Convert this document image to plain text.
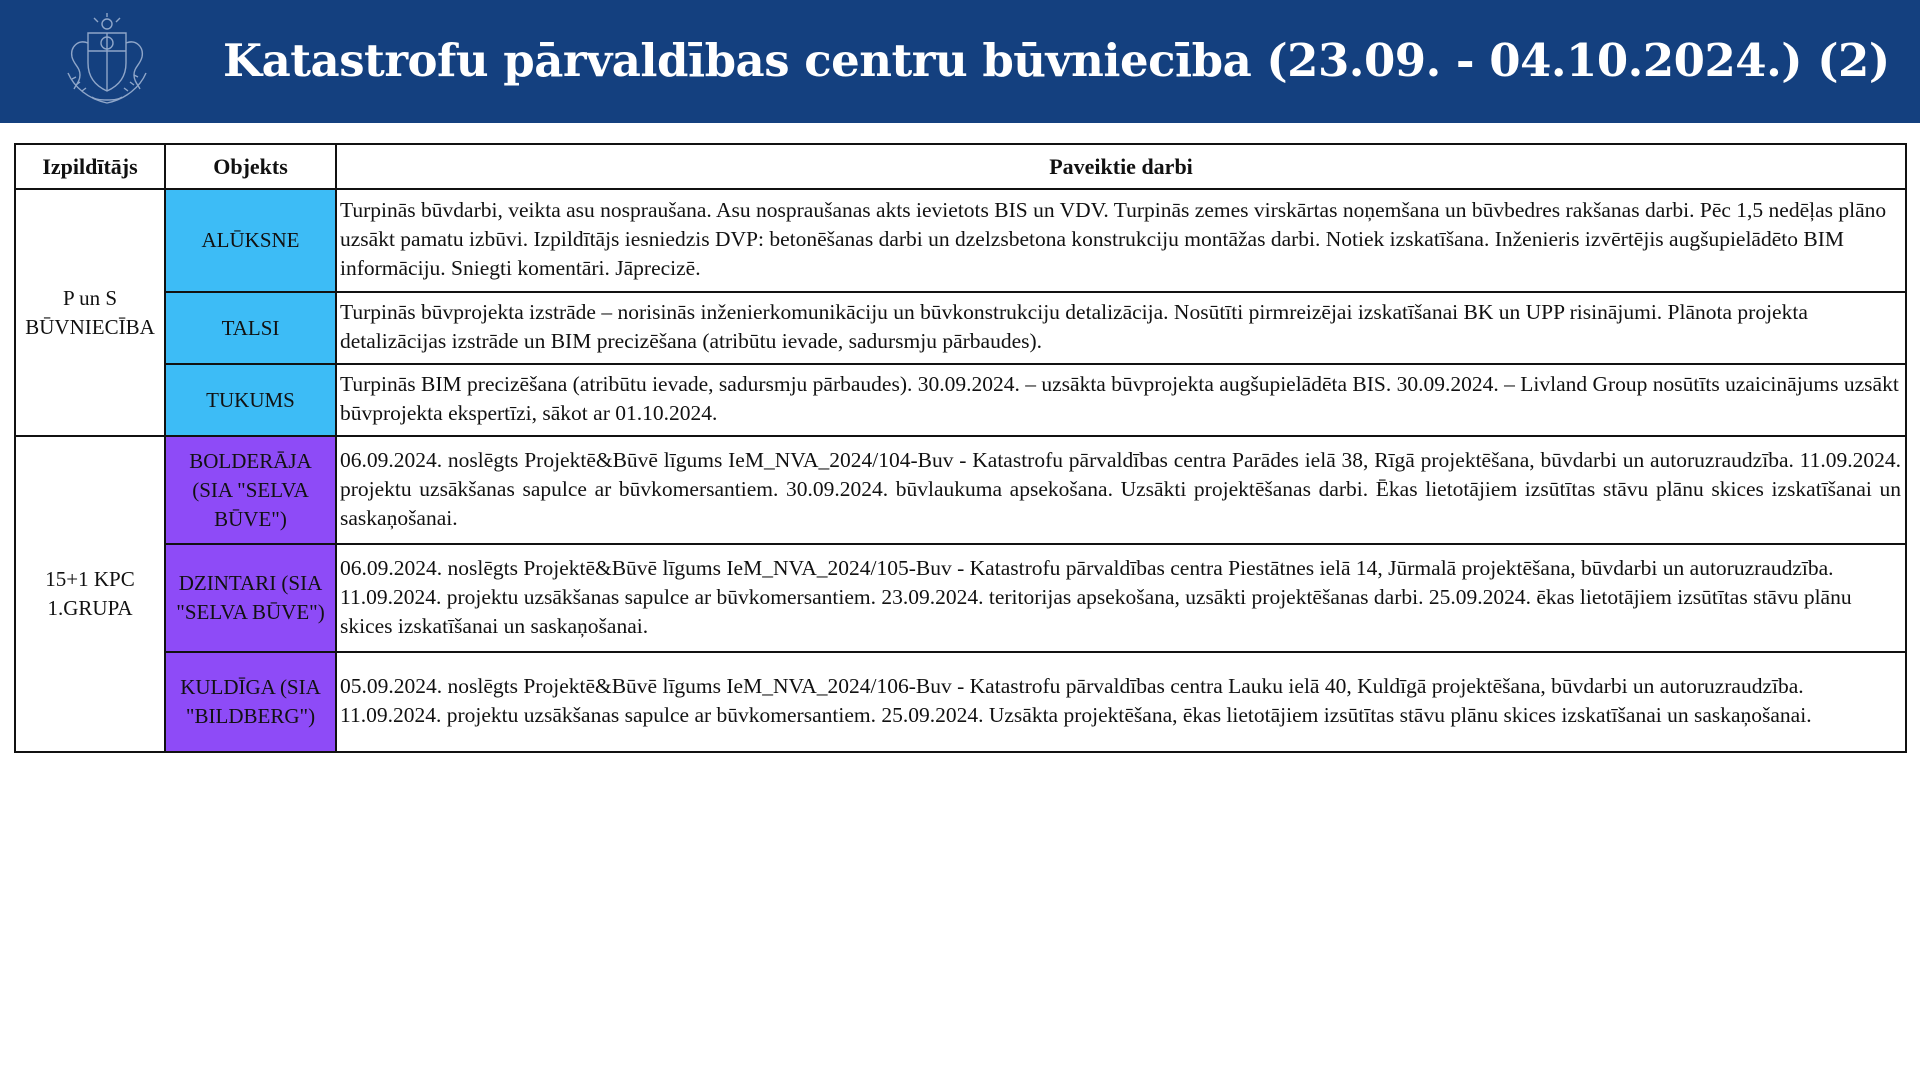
Katastrofu pārvaldības centru būvniecība (23.09. - 04.10.2024.) (2)
Izpildītājs	Objekts	Paveiktie darbi
P un S BŪVNIECĪBA	ALŪKSNE	Turpinās būvdarbi, veikta asu nospraušana. Asu nospraušanas akts ievietots BIS un VDV. Turpinās zemes virskārtas noņemšana un būvbedres rakšanas darbi. Pēc 1,5 nedēļas plāno uzsākt pamatu izbūvi. Izpildītājs iesniedzis DVP: betonēšanas darbi un dzelzsbetona konstrukciju montāžas darbi. Notiek izskatīšana. Inženieris izvērtējis augšupielādēto BIM informāciju. Sniegti komentāri. Jāprecizē.
	TALSI	Turpinās būvprojekta izstrāde – norisinās inženierkomunikāciju un būvkonstrukciju detalizācija. Nosūtīti pirmreizējai izskatīšanai BK un UPP risinājumi. Plānota projekta detalizācijas izstrāde un BIM precizēšana (atribūtu ievade, sadursmju pārbaudes).
	TUKUMS	Turpinās BIM precizēšana (atribūtu ievade, sadursmju pārbaudes). 30.09.2024. – uzsākta būvprojekta augšupielādēta BIS. 30.09.2024. – Livland Group nosūtīts uzaicinājums uzsākt būvprojekta ekspertīzi, sākot ar 01.10.2024.
15+1 KPC 1.GRUPA	BOLDERĀJA (SIA "SELVA BŪVE")	06.09.2024. noslēgts Projektē&Būvē līgums IeM_NVA_2024/104-Buv - Katastrofu pārvaldības centra Parādes ielā 38, Rīgā projektēšana, būvdarbi un autoruzraudzība. 11.09.2024. projektu uzsākšanas sapulce ar būvkomersantiem. 30.09.2024. būvlaukuma apsekošana. Uzsākti projektēšanas darbi. Ēkas lietotājiem izsūtītas stāvu plānu skices izskatīšanai un saskaņošanai.
	DZINTARI (SIA "SELVA BŪVE")	06.09.2024. noslēgts Projektē&Būvē līgums IeM_NVA_2024/105-Buv - Katastrofu pārvaldības centra Piestātnes ielā 14, Jūrmalā projektēšana, būvdarbi un autoruzraudzība. 11.09.2024. projektu uzsākšanas sapulce ar būvkomersantiem. 23.09.2024. teritorijas apsekošana, uzsākti projektēšanas darbi. 25.09.2024. ēkas lietotājiem izsūtītas stāvu plānu skices izskatīšanai un saskaņošanai.
	KULDĪGA (SIA "BILDBERG")	05.09.2024. noslēgts Projektē&Būvē līgums IeM_NVA_2024/106-Buv - Katastrofu pārvaldības centra Lauku ielā 40, Kuldīgā projektēšana, būvdarbi un autoruzraudzība. 11.09.2024. projektu uzsākšanas sapulce ar būvkomersantiem. 25.09.2024. Uzsākta projektēšana, ēkas lietotājiem izsūtītas stāvu plānu skices izskatīšanai un saskaņošanai.
